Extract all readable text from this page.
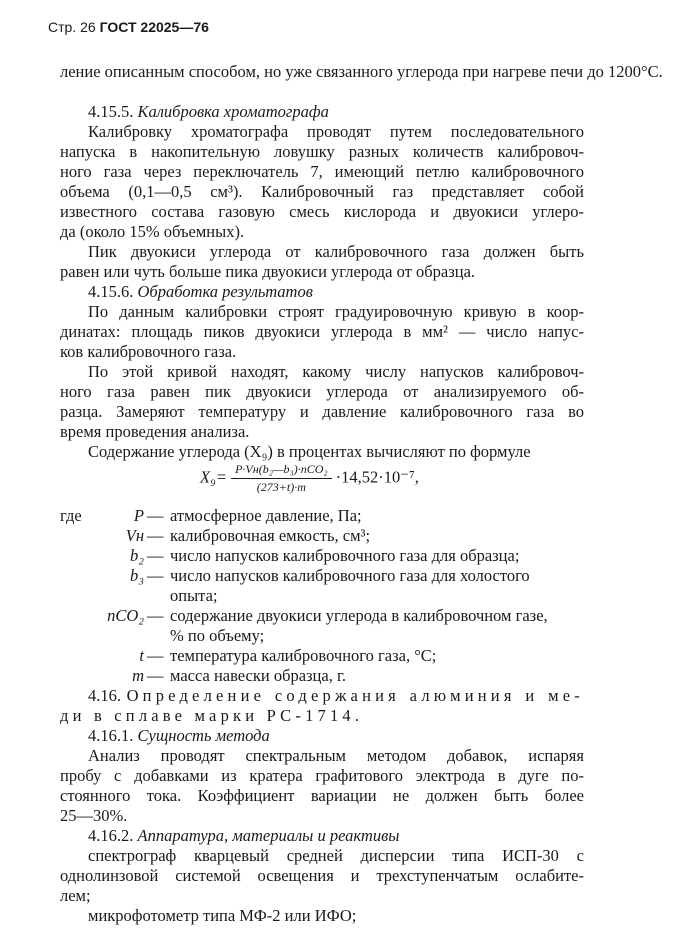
Стр. 26 ГОСТ 22025—76
ление описанным способом, но уже связанного углерода при нагреве печи до 1200°С.
4.15.5. Калибровка хроматографа
Калибровку хроматографа проводят путем последовательного
напуска в накопительную ловушку разных количеств калибровоч-
ного газа через переключатель 7, имеющий петлю калибровочного
объема (0,1—0,5 см³). Калибровочный газ представляет собой
известного состава газовую смесь кислорода и двуокиси углеро-
да (около 15% объемных).
Пик двуокиси углерода от калибровочного газа должен быть
равен или чуть больше пика двуокиси углерода от образца.
4.15.6. Обработка результатов
По данным калибровки строят градуировочную кривую в коор-
динатах: площадь пиков двуокиси углерода в мм² — число напус-
ков калибровочного газа.
По этой кривой находят, какому числу напусков калибровоч-
ного газа равен пик двуокиси углерода от анализируемого об-
разца. Замеряют температуру и давление калибровочного газа во
время проведения анализа.
Содержание углерода (X₉) в процентах вычисляют по формуле
$X_9= \frac{\text{P·Vн(b₂—b₃)·nCO₂}}{(273+t)\cdot m} \cdot 14,52\cdot 10^{-7}$,
где	P — атмосферное давление, Па;
Vн — калибровочная емкость, см³;
b₂ — число напусков калибровочного газа для образца;
b₃ — число напусков калибровочного газа для холостого
опыта;
nCO₂ — содержание двуокиси углерода в калибровочном газе,
% по объему;
t — температура калибровочного газа, °С;
m — масса навески образца, г.
4.16. Определение содержания алюминия и ме-
ди в сплаве марки РС-1714.
4.16.1. Сущность метода
Анализ проводят спектральным методом добавок, испаряя
пробу с добавками из кратера графитового электрода в дуге по-
стоянного тока. Коэффициент вариации не должен быть более
25—30%.
4.16.2. Аппаратура, материалы и реактивы
спектрограф кварцевый средней дисперсии типа ИСП-30 с
однолинзовой системой освещения и трехступенчатым ослабите-
лем;
микрофотометр типа МФ-2 или ИФО;
